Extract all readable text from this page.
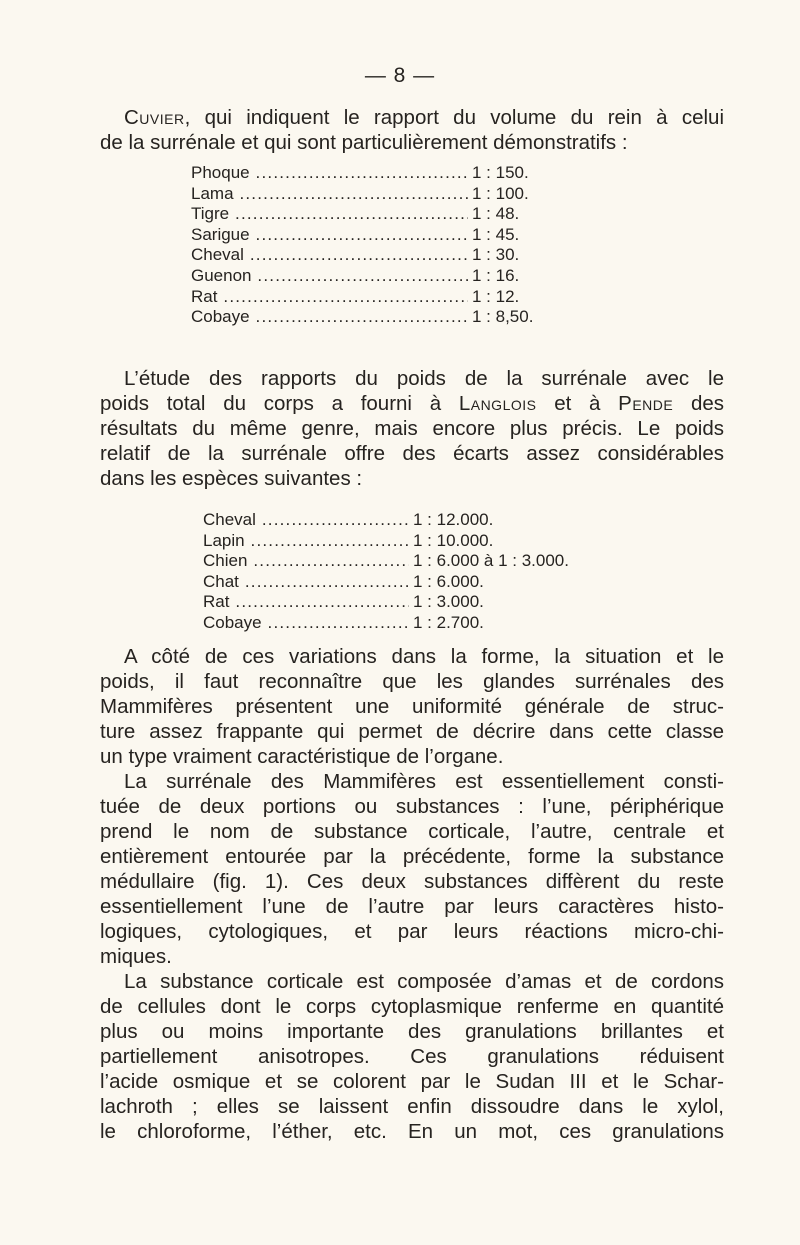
— 8 —
Cuvier, qui indiquent le rapport du volume du rein à celui
de la surrénale et qui sont particulièrement démonstratifs :
Phoque .....	1 : 150.
Lama .....	1 : 100.
Tigre .....	1 : 48.
Sarigue .....	1 : 45.
Cheval .....	1 : 30.
Guenon .....	1 : 16.
Rat .....	1 : 12.
Cobaye .....	1 : 8,50.
L’étude des rapports du poids de la surrénale avec le
poids total du corps a fourni à Langlois et à Pende des
résultats du même genre, mais encore plus précis. Le poids
relatif de la surrénale offre des écarts assez considérables
dans les espèces suivantes :
Cheval .....	1 : 12.000.
Lapin .....	1 : 10.000.
Chien .....	1 : 6.000 à 1 : 3.000.
Chat .....	1 : 6.000.
Rat .....	1 : 3.000.
Cobaye .....	1 : 2.700.
A côté de ces variations dans la forme, la situation et le
poids, il faut reconnaître que les glandes surrénales des
Mammifères présentent une uniformité générale de struc-
ture assez frappante qui permet de décrire dans cette classe
un type vraiment caractéristique de l’organe.
La surrénale des Mammifères est essentiellement consti-
tuée de deux portions ou substances : l’une, périphérique
prend le nom de substance corticale, l’autre, centrale et
entièrement entourée par la précédente, forme la substance
médullaire (fig. 1). Ces deux substances diffèrent du reste
essentiellement l’une de l’autre par leurs caractères histo-
logiques, cytologiques, et par leurs réactions micro-chi-
miques.
La substance corticale est composée d’amas et de cordons
de cellules dont le corps cytoplasmique renferme en quantité
plus ou moins importante des granulations brillantes et
partiellement anisotropes. Ces granulations réduisent
l’acide osmique et se colorent par le Sudan III et le Schar-
lachroth ; elles se laissent enfin dissoudre dans le xylol,
le chloroforme, l’éther, etc. En un mot, ces granulations
